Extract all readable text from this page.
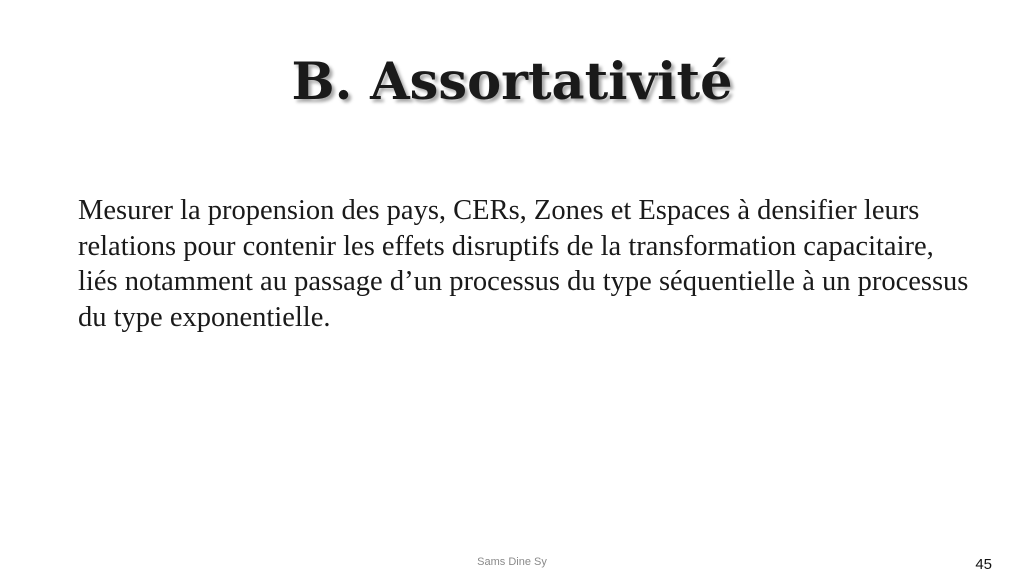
B. Assortativité

Mesurer la propension des pays, CERs, Zones et Espaces à densifier leurs relations pour contenir les effets disruptifs de la transformation capacitaire, liés notamment au passage d’un processus du type séquentielle à un processus du type exponentielle.

Sams Dine Sy	45
